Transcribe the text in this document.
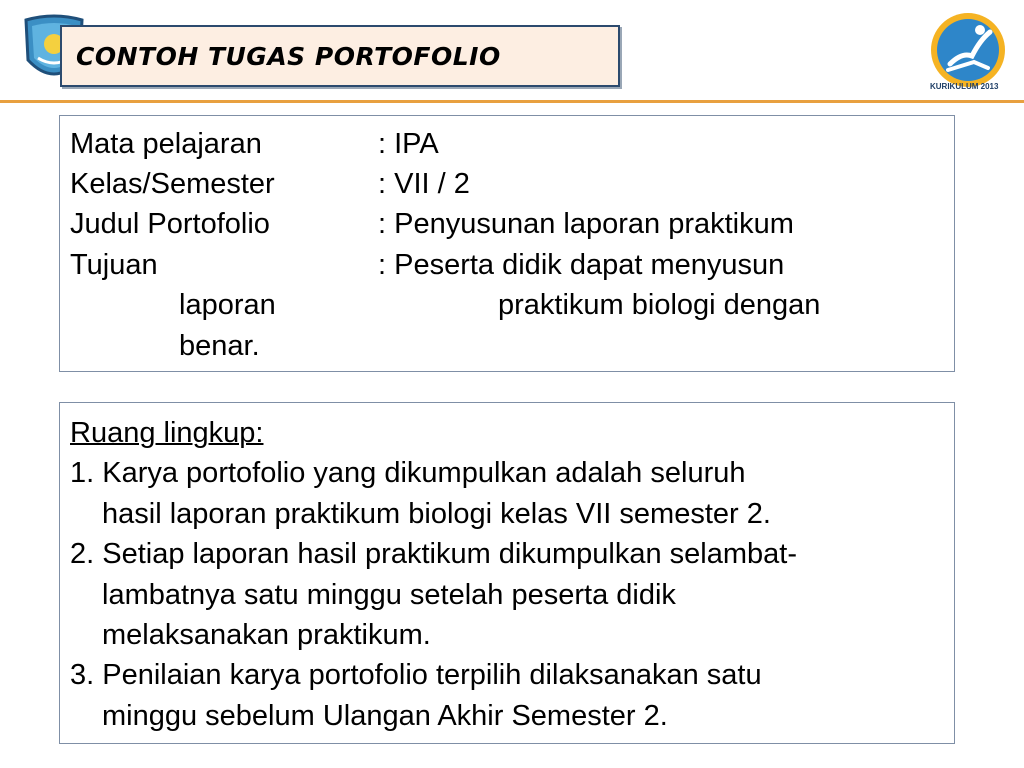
CONTOH TUGAS PORTOFOLIO
KURIKULUM 2013
Mata pelajaran	: IPA
Kelas/Semester	: VII / 2
Judul Portofolio	: Penyusunan laporan praktikum
Tujuan	: Peserta didik dapat menyusun
laporan	praktikum biologi dengan
benar.
Ruang lingkup:
1. Karya portofolio yang dikumpulkan adalah seluruh
hasil laporan praktikum biologi kelas VII semester 2.
2. Setiap laporan hasil praktikum dikumpulkan selambat-
lambatnya satu minggu setelah peserta didik
melaksanakan praktikum.
3. Penilaian karya portofolio terpilih dilaksanakan satu
minggu sebelum Ulangan Akhir Semester 2.
